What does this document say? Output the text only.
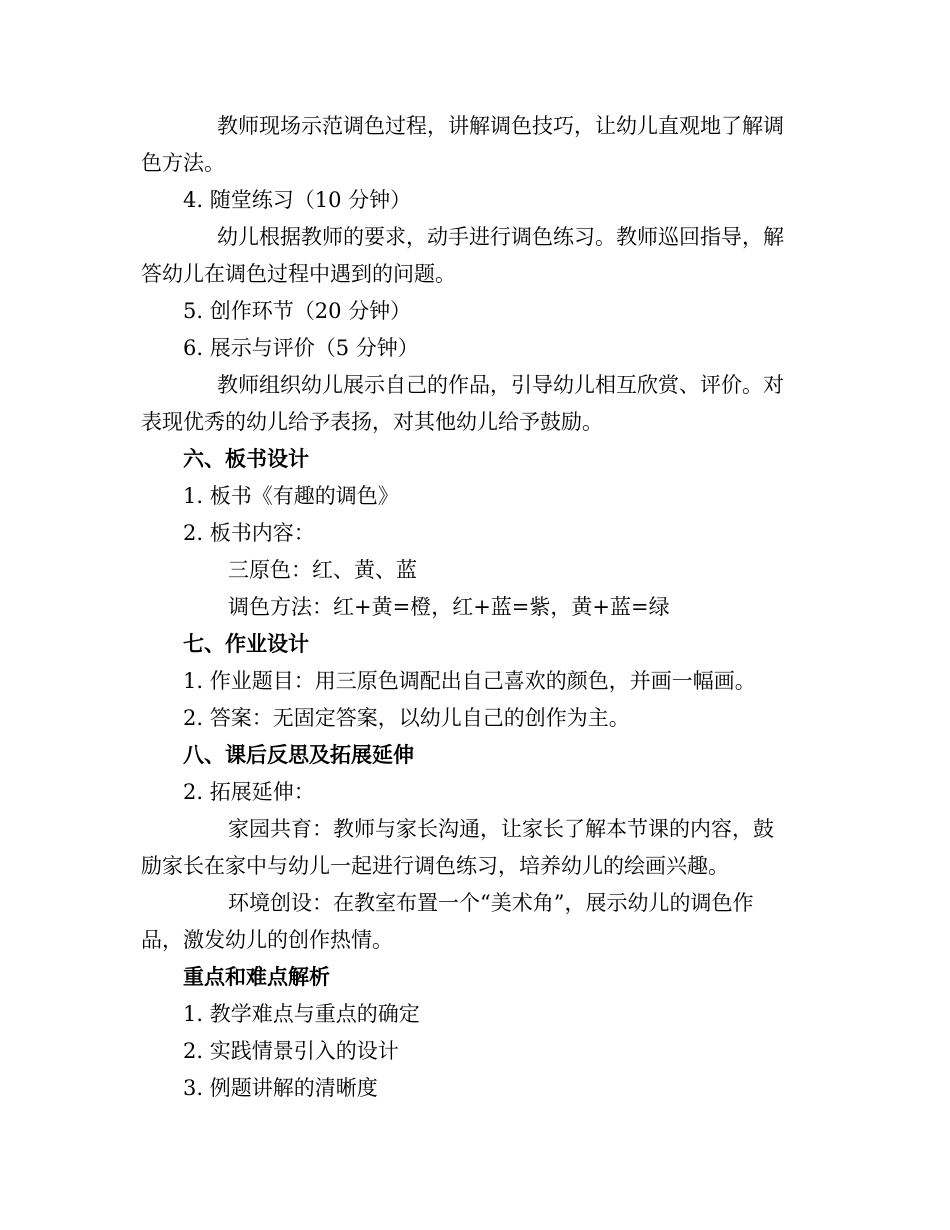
教师现场示范调色过程，讲解调色技巧，让幼儿直观地了解调
色方法。
4. 随堂练习（10 分钟）
幼儿根据教师的要求，动手进行调色练习。教师巡回指导，解
答幼儿在调色过程中遇到的问题。
5. 创作环节（20 分钟）
6. 展示与评价（5 分钟）
教师组织幼儿展示自己的作品，引导幼儿相互欣赏、评价。对
表现优秀的幼儿给予表扬，对其他幼儿给予鼓励。
六、板书设计
1. 板书《有趣的调色》
2. 板书内容：
三原色：红、黄、蓝
调色方法：红+黄=橙，红+蓝=紫，黄+蓝=绿
七、作业设计
1. 作业题目：用三原色调配出自己喜欢的颜色，并画一幅画。
2. 答案：无固定答案，以幼儿自己的创作为主。
八、课后反思及拓展延伸
2. 拓展延伸：
家园共育：教师与家长沟通，让家长了解本节课的内容，鼓
励家长在家中与幼儿一起进行调色练习，培养幼儿的绘画兴趣。
环境创设：在教室布置一个“美术角”，展示幼儿的调色作
品，激发幼儿的创作热情。
重点和难点解析
1. 教学难点与重点的确定
2. 实践情景引入的设计
3. 例题讲解的清晰度
